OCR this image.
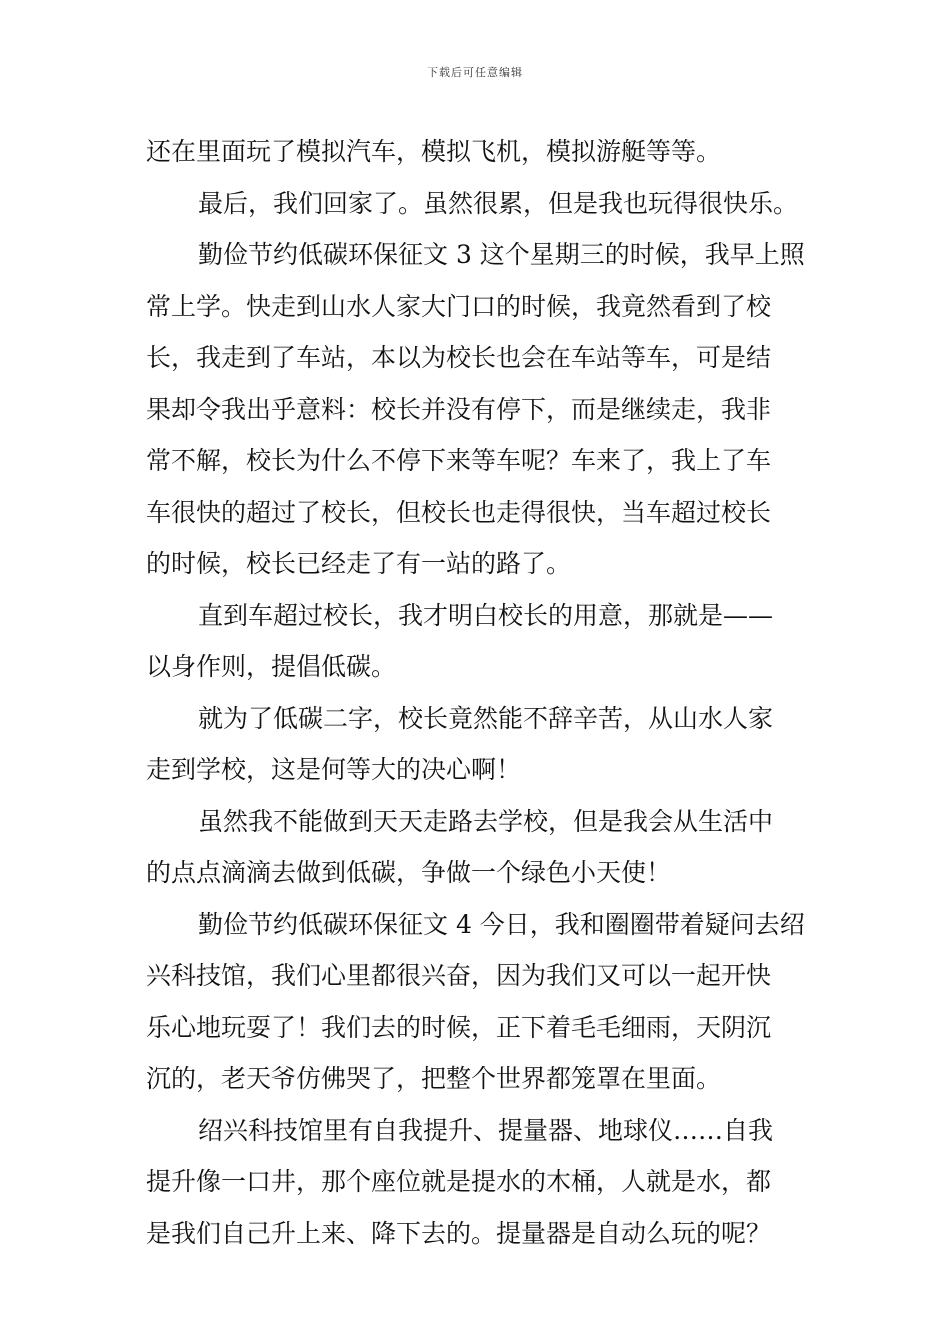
下载后可任意编辑
还在里面玩了模拟汽车，模拟飞机，模拟游艇等等。
最后，我们回家了。虽然很累，但是我也玩得很快乐。
勤俭节约低碳环保征文 3 这个星期三的时候，我早上照
常上学。快走到山水人家大门口的时候，我竟然看到了校
长，我走到了车站，本以为校长也会在车站等车，可是结
果却令我出乎意料：校长并没有停下，而是继续走，我非
常不解，校长为什么不停下来等车呢？车来了，我上了车
车很快的超过了校长，但校长也走得很快，当车超过校长
的时候，校长已经走了有一站的路了。
直到车超过校长，我才明白校长的用意，那就是——
以身作则，提倡低碳。
就为了低碳二字，校长竟然能不辞辛苦，从山水人家
走到学校，这是何等大的决心啊！
虽然我不能做到天天走路去学校，但是我会从生活中
的点点滴滴去做到低碳，争做一个绿色小天使！
勤俭节约低碳环保征文 4 今日，我和圈圈带着疑问去绍
兴科技馆，我们心里都很兴奋，因为我们又可以一起开快
乐心地玩耍了！我们去的时候，正下着毛毛细雨，天阴沉
沉的，老天爷仿佛哭了，把整个世界都笼罩在里面。
绍兴科技馆里有自我提升、提量器、地球仪……自我
提升像一口井，那个座位就是提水的木桶，人就是水，都
是我们自己升上来、降下去的。提量器是自动么玩的呢？
